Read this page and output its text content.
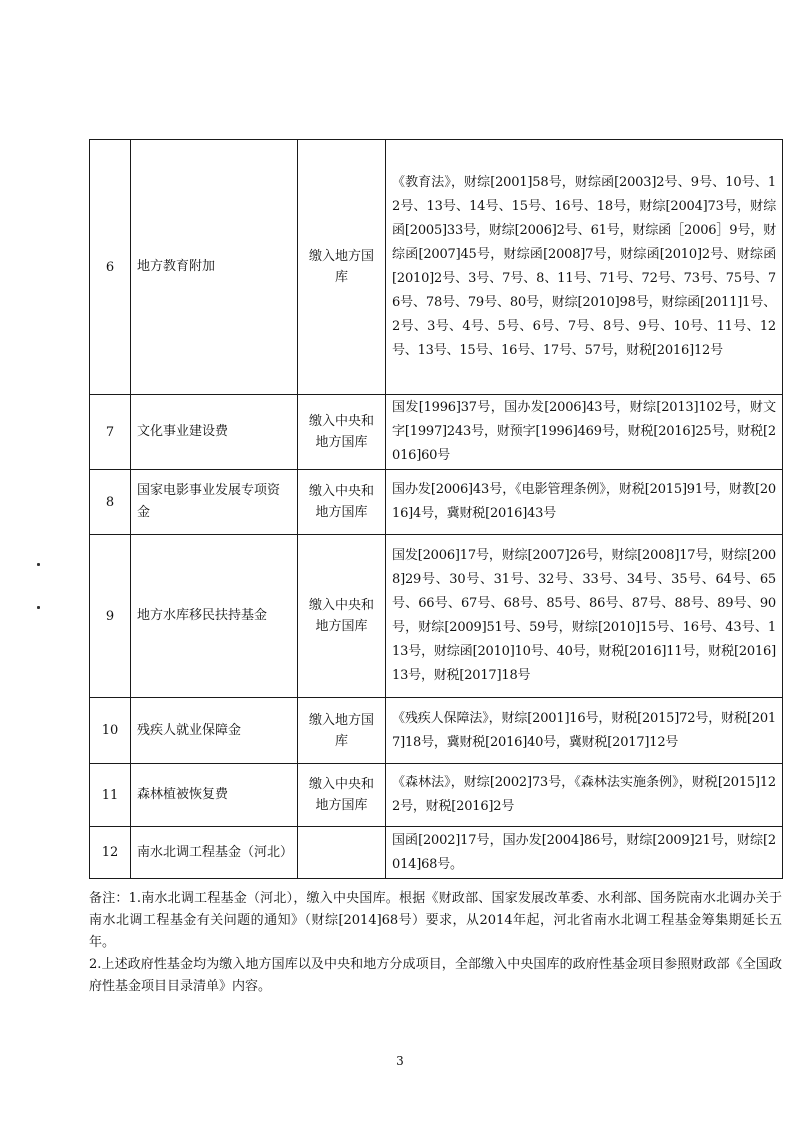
6	地方教育附加	缴入地方国库	《教育法》，财综[2001]58号，财综函[2003]2号、9号、10号、12号、13号、14号、15号、16号、18号，财综[2004]73号，财综函[2005]33号，财综[2006]2号、61号，财综函［2006］9号，财综函[2007]45号，财综函[2008]7号，财综函[2010]2号、财综函[2010]2号、3号、7号、8、11号、71号、72号、73号、75号、76号、78号、79号、80号，财综[2010]98号，财综函[2011]1号、2号、3号、4号、5号、6号、7号、8号、9号、10号、11号、12号、13号、15号、16号、17号、57号，财税[2016]12号
7	文化事业建设费	缴入中央和地方国库	国发[1996]37号，国办发[2006]43号，财综[2013]102号，财文字[1997]243号，财预字[1996]469号，财税[2016]25号，财税[2016]60号
8	国家电影事业发展专项资金	缴入中央和地方国库	国办发[2006]43号，《电影管理条例》，财税[2015]91号，财教[2016]4号，冀财税[2016]43号
9	地方水库移民扶持基金	缴入中央和地方国库	国发[2006]17号，财综[2007]26号，财综[2008]17号，财综[2008]29号、30号、31号、32号、33号、34号、35号、64号、65号、66号、67号、68号、85号、86号、87号、88号、89号、90号，财综[2009]51号、59号，财综[2010]15号、16号、43号、113号，财综函[2010]10号、40号，财税[2016]11号，财税[2016]13号，财税[2017]18号
10	残疾人就业保障金	缴入地方国库	《残疾人保障法》，财综[2001]16号，财税[2015]72号，财税[2017]18号，冀财税[2016]40号，冀财税[2017]12号
11	森林植被恢复费	缴入中央和地方国库	《森林法》，财综[2002]73号，《森林法实施条例》，财税[2015]122号，财税[2016]2号
12	南水北调工程基金（河北）		国函[2002]17号，国办发[2004]86号，财综[2009]21号，财综[2014]68号。

备注：1.南水北调工程基金（河北），缴入中央国库。根据《财政部、国家发展改革委、水利部、国务院南水北调办关于南水北调工程基金有关问题的通知》（财综[2014]68号）要求，从2014年起，河北省南水北调工程基金筹集期延长五年。

2.上述政府性基金均为缴入地方国库以及中央和地方分成项目，全部缴入中央国库的政府性基金项目参照财政部《全国政府性基金项目目录清单》内容。

3
